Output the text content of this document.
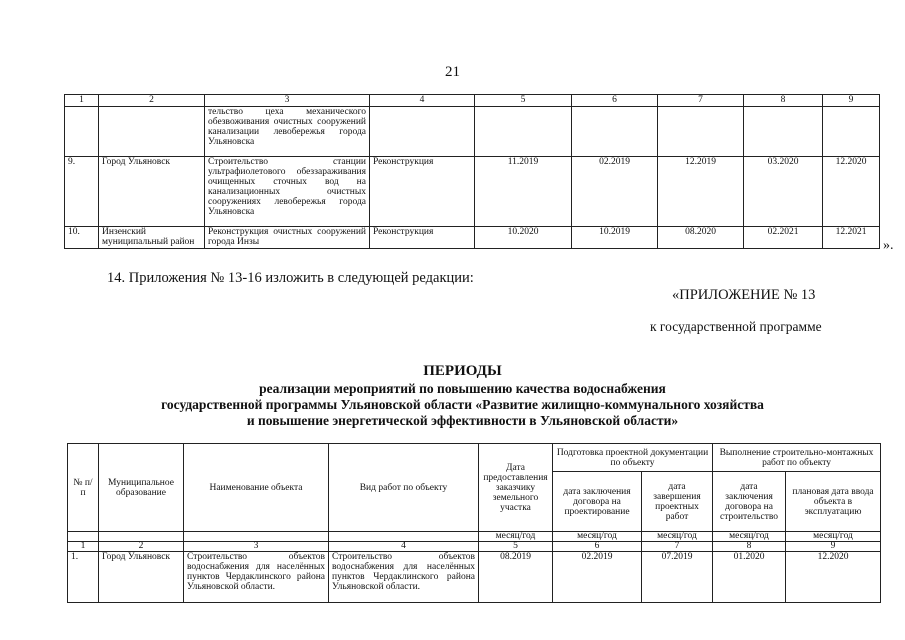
21
1	2	3	4	5	6	7	8	9
		тельство цеха механического обезвоживания очистных сооружений канализации левобережья города Ульяновска						
9.	Город Ульяновск	Строительство станции ультрафиолетового обеззараживания очищенных сточных вод на канализационных очистных сооружениях левобережья города Ульяновска	Реконструкция	11.2019	02.2019	12.2019	03.2020	12.2020
10.	Инзенский муниципальный район	Реконструкция очистных сооружений города Инзы	Реконструкция	10.2020	10.2019	08.2020	02.2021	12.2021
».
14. Приложения № 13-16 изложить в следующей редакции:
«ПРИЛОЖЕНИЕ № 13
к государственной программе
ПЕРИОДЫ
реализации мероприятий по повышению качества водоснабжения
государственной программы Ульяновской области «Развитие жилищно-коммунального хозяйства
и повышение энергетической эффективности в Ульяновской области»
№ п/п	Муниципальное образование	Наименование объекта	Вид работ по объекту	Дата предоставления заказчику земельного участка	Подготовка проектной документации по объекту		Выполнение строительно-монтажных работ по объекту	
					дата заключения договора на проектирование	дата завершения проектных работ	дата заключения договора на строительство	плановая дата ввода объекта в эксплуатацию
				месяц/год	месяц/год	месяц/год	месяц/год	месяц/год
1	2	3	4	5	6	7	8	9
1.	Город Ульяновск	Строительство объектов водоснабжения для населённых пунктов Чердаклинского района Ульяновской области.	Строительство объектов водоснабжения для населённых пунктов Чердаклинского района Ульяновской области.	08.2019	02.2019	07.2019	01.2020	12.2020
